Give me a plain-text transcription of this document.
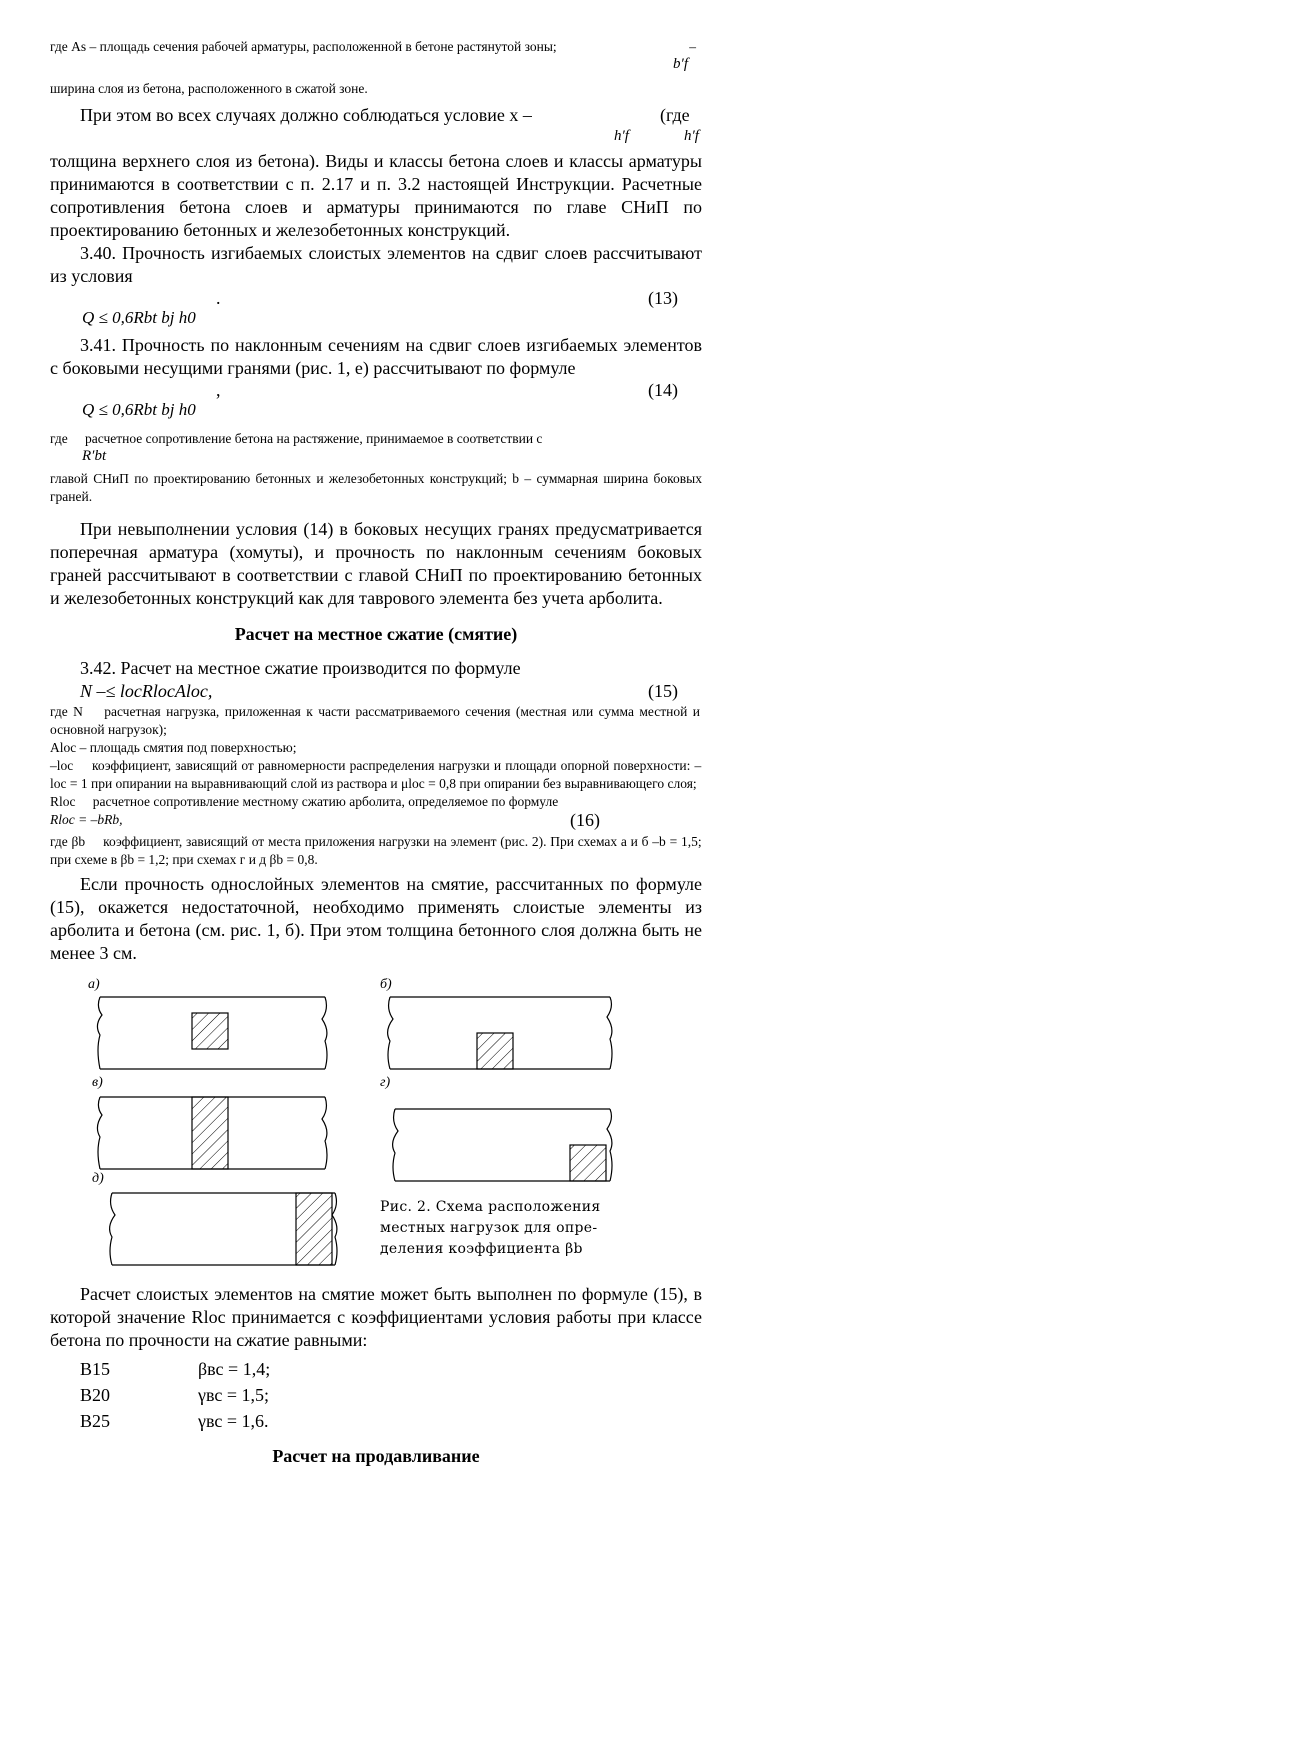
где As – площадь сечения рабочей арматуры, расположенной в бетоне растянутой зоны;	–
b′f

ширина слоя из бетона, расположенного в сжатой зоне.

При этом во всех случаях должно соблюдаться условие x –	(где
h′f	h′f

толщина верхнего слоя из бетона). Виды и классы бетона слоев и классы арматуры принимаются в соответствии с п. 2.17 и п. 3.2 настоящей Инструкции. Расчетные сопротивления бетона слоев и арматуры принимаются по главе СНиП по проектированию бетонных и железобетонных конструкций.

3.40. Прочность изгибаемых слоистых элементов на сдвиг слоев рассчитывают из условия

.	(13)
Q ≤ 0,6Rbt bj h0

3.41. Прочность по наклонным сечениям на сдвиг слоев изгибаемых элементов с боковыми несущими гранями (рис. 1, е) рассчитывают по формуле

,	(14)
Q ≤ 0,6Rbt bj h0

где ⃞ расчетное сопротивление бетона на растяжение, принимаемое в соответствии с

R′bt

главой СНиП по проектированию бетонных и железобетонных конструкций; b – суммарная ширина боковых граней.

При невыполнении условия (14) в боковых несущих гранях предусматривается поперечная арматура (хомуты), и прочность по наклонным сечениям боковых граней рассчитывают в соответствии с главой СНиП по проектированию бетонных и железобетонных конструкций как для таврового элемента без учета арболита.

Расчет на местное сжатие (смятие)

3.42. Расчет на местное сжатие производится по формуле

N –≤ locRlocAloc,	(15)

где N ⃞ расчетная нагрузка, приложенная к части рассматриваемого сечения (местная или сумма местной и основной нагрузок);

Aloc – площадь смятия под поверхностью;

–loc ⃞ коэффициент, зависящий от равномерности распределения нагрузки и площади опорной поверхности: –loc = 1 при опирании на выравнивающий слой из раствора и μloc = 0,8 при опирании без выравнивающего слоя;

Rloc ⃞ расчетное сопротивление местному сжатию арболита, определяемое по формуле

Rloc = –bRb,	(16)

где βb ⃞ коэффициент, зависящий от места приложения нагрузки на элемент (рис. 2). При схемах а и б –b = 1,5; при схеме в βb = 1,2; при схемах г и д βb = 0,8.

Если прочность однослойных элементов на смятие, рассчитанных по формуле (15), окажется недостаточной, необходимо применять слоистые элементы из арболита и бетона (см. рис. 1, б). При этом толщина бетонного слоя должна быть не менее 3 см.

а)	б)
в)	г)
д)
Рис. 2. Схема расположения
местных нагрузок для опре-
деления коэффициента βb

Расчет слоистых элементов на смятие может быть выполнен по формуле (15), в которой значение Rloc принимается с коэффициентами условия работы при классе бетона по прочности на сжатие равными:

B15	βвс = 1,4;
B20	γвс = 1,5;
B25	γвс = 1,6.

Расчет на продавливание
